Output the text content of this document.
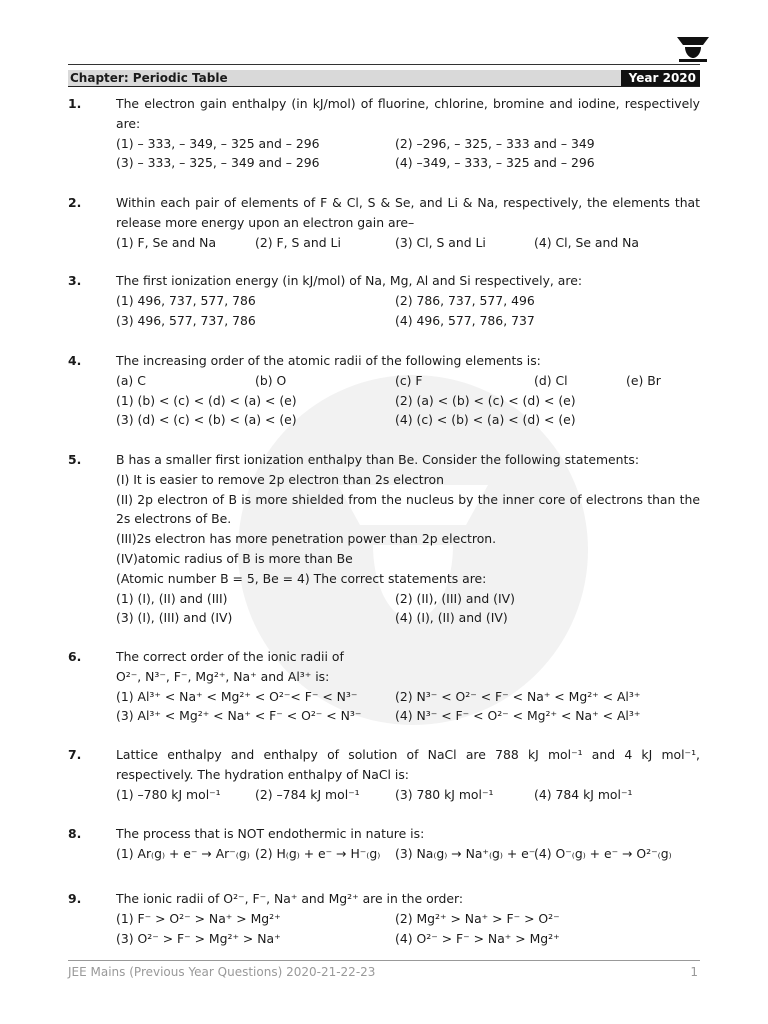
Chapter: Periodic Table	Year 2020
1.	The electron gain enthalpy (in kJ/mol) of fluorine, chlorine, bromine and iodine, respectively are:
(1) – 333, – 349, – 325 and – 296	(2) –296, – 325, – 333 and – 349
(3) – 333, – 325, – 349 and – 296	(4) –349, – 333, – 325 and – 296
2.	Within each pair of elements of F & Cl, S & Se, and Li & Na, respectively, the elements that release more energy upon an electron gain are–
(1) F, Se and Na	(2) F, S and Li	(3) Cl, S and Li	(4) Cl, Se and Na
3.	The first ionization energy (in kJ/mol) of Na, Mg, Al and Si respectively, are:
(1) 496, 737, 577, 786	(2) 786, 737, 577, 496
(3) 496, 577, 737, 786	(4) 496, 577, 786, 737
4.	The increasing order of the atomic radii of the following elements is:
(a) C	(b) O	(c) F	(d) Cl	(e) Br
(1) (b) < (c) < (d) < (a) < (e)	(2) (a) < (b) < (c) < (d) < (e)
(3) (d) < (c) < (b) < (a) < (e)	(4) (c) < (b) < (a) < (d) < (e)
5.	B has a smaller first ionization enthalpy than Be. Consider the following statements:
(I) It is easier to remove 2p electron than 2s electron
(II) 2p electron of B is more shielded from the nucleus by the inner core of electrons than the 2s electrons of Be.
(III)2s electron has more penetration power than 2p electron.
(IV)atomic radius of B is more than Be
(Atomic number B = 5, Be = 4) The correct statements are:
(1) (I), (II) and (III)	(2) (II), (III) and (IV)
(3) (I), (III) and (IV)	(4) (I), (II) and (IV)
6.	The correct order of the ionic radii of
O²⁻, N³⁻, F⁻, Mg²⁺, Na⁺ and Al³⁺ is:
(1) Al³⁺ < Na⁺ < Mg²⁺ < O²⁻< F⁻ < N³⁻	(2) N³⁻ < O²⁻ < F⁻ < Na⁺ < Mg²⁺ < Al³⁺
(3) Al³⁺ < Mg²⁺ < Na⁺ < F⁻ < O²⁻ < N³⁻	(4) N³⁻ < F⁻ < O²⁻ < Mg²⁺ < Na⁺ < Al³⁺
7.	Lattice enthalpy and enthalpy of solution of NaCl are 788 kJ mol⁻¹ and 4 kJ mol⁻¹, respectively. The hydration enthalpy of NaCl is:
(1) –780 kJ mol⁻¹	(2) –784 kJ mol⁻¹	(3) 780 kJ mol⁻¹	(4) 784 kJ mol⁻¹
8.	The process that is NOT endothermic in nature is:
(1) Ar₍g₎ + e⁻ → Ar⁻₍g₎ (2) H₍g₎ + e⁻ → H⁻₍g₎ (3) Na₍g₎ → Na⁺₍g₎ + e⁻
(4) O⁻₍g₎ + e⁻ → O²⁻₍g₎
9.	The ionic radii of O²⁻, F⁻, Na⁺ and Mg²⁺ are in the order:
(1) F⁻ > O²⁻ > Na⁺ > Mg²⁺	(2) Mg²⁺ > Na⁺ > F⁻ > O²⁻
(3) O²⁻ > F⁻ > Mg²⁺ > Na⁺	(4) O²⁻ > F⁻ > Na⁺ > Mg²⁺
JEE Mains (Previous Year Questions) 2020-21-22-23	1
